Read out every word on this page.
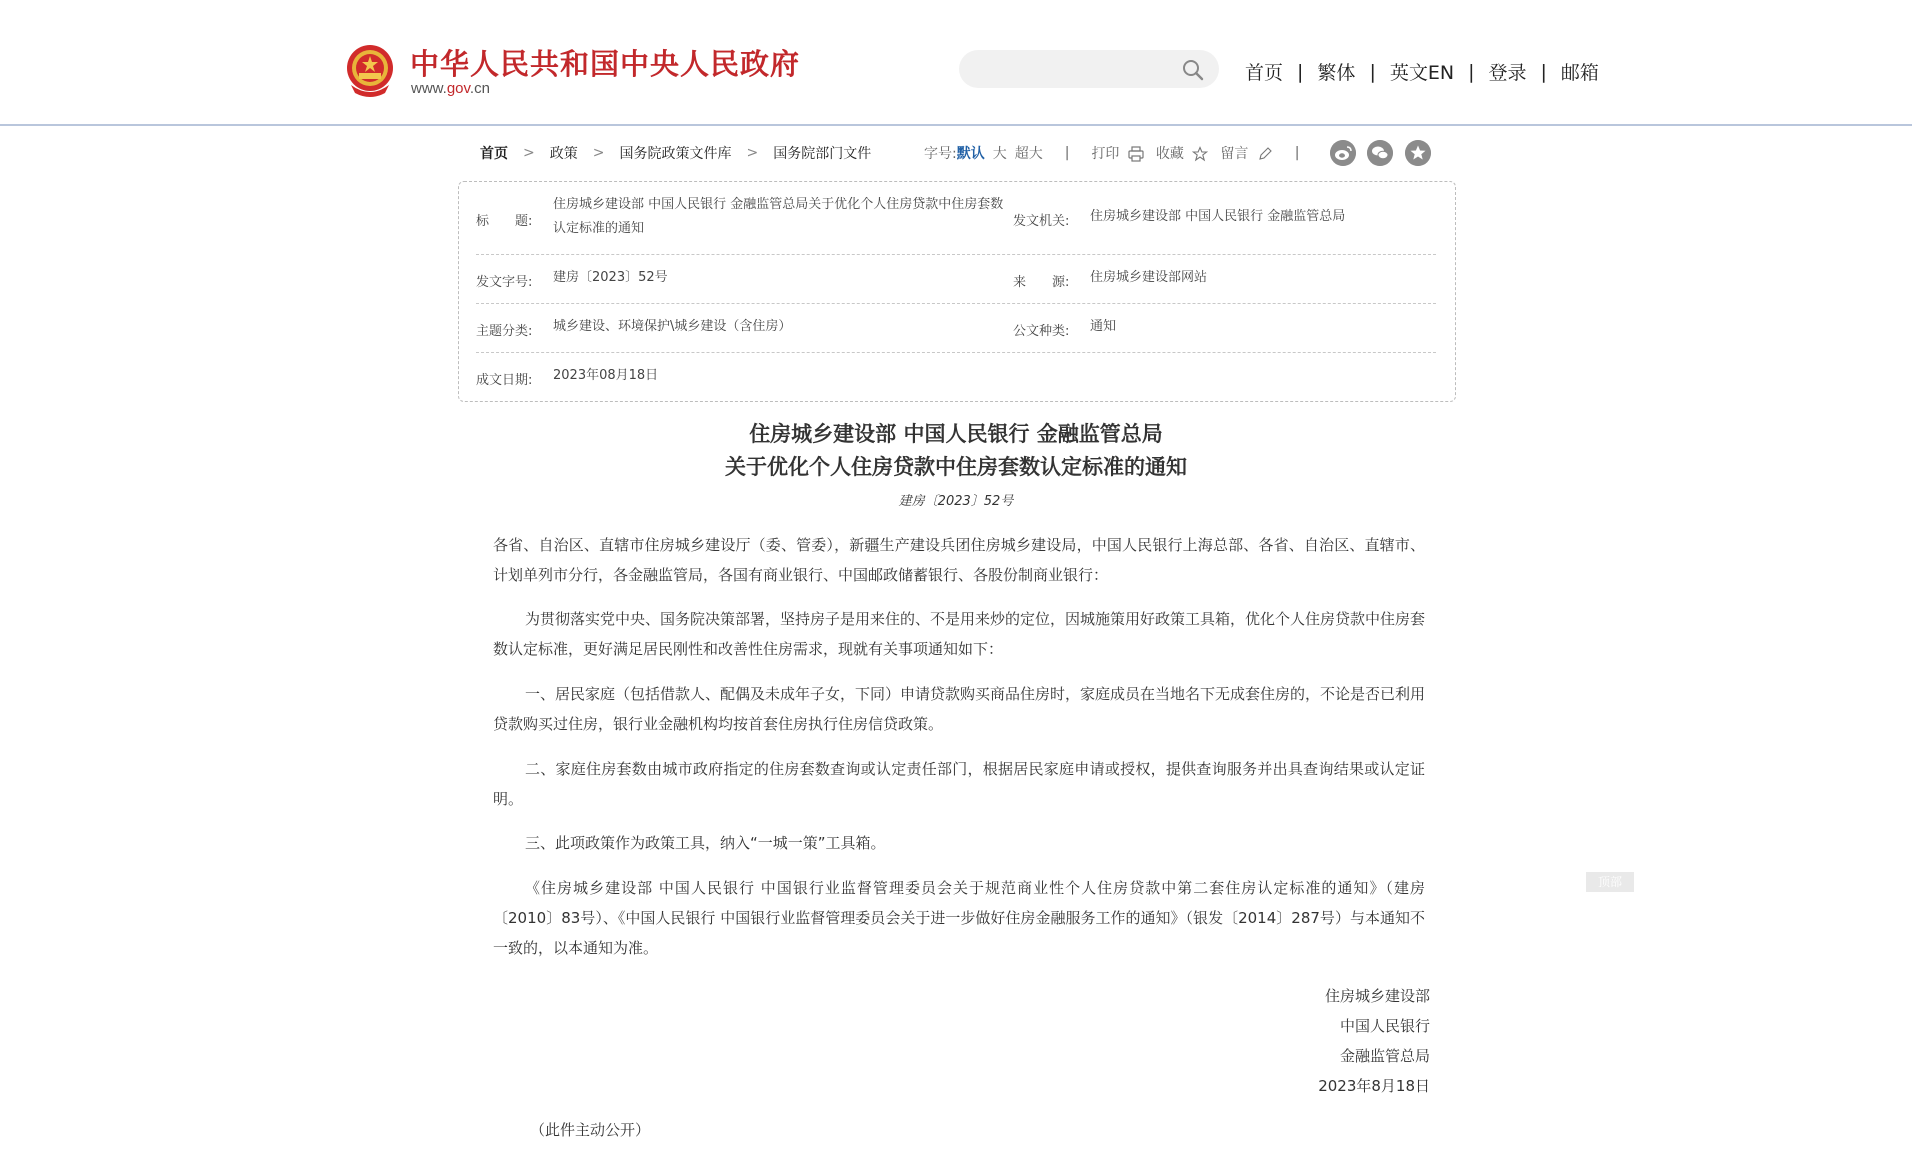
中华人民共和国中央人民政府
www.gov.cn
首页 | 繁体 | 英文EN | 登录 | 邮箱
首页 > 政策 > 国务院政策文件库 > 国务院部门文件	字号: 默认 大 超大 | 打印	收藏	留言	|
标　　题:
住房城乡建设部 中国人民银行 金融监管总局关于优化个人住房贷款中住房套数认定标准的通知	发文机关: 住房城乡建设部 中国人民银行 金融监管总局
发文字号: 建房〔2023〕52号	来　　源: 住房城乡建设部网站
主题分类: 城乡建设、环境保护\城乡建设（含住房）	公文种类: 通知
成文日期: 2023年08月18日
住房城乡建设部 中国人民银行 金融监管总局
关于优化个人住房贷款中住房套数认定标准的通知
建房〔2023〕52号
各省、自治区、直辖市住房城乡建设厅（委、管委），新疆生产建设兵团住房城乡建设局，中国人民银行上海总部、各省、自治区、直辖市、计划单列市分行，各金融监管局，各国有商业银行、中国邮政储蓄银行、各股份制商业银行：
为贯彻落实党中央、国务院决策部署，坚持房子是用来住的、不是用来炒的定位，因城施策用好政策工具箱，优化个人住房贷款中住房套数认定标准，更好满足居民刚性和改善性住房需求，现就有关事项通知如下：
一、居民家庭（包括借款人、配偶及未成年子女，下同）申请贷款购买商品住房时，家庭成员在当地名下无成套住房的，不论是否已利用贷款购买过住房，银行业金融机构均按首套住房执行住房信贷政策。
二、家庭住房套数由城市政府指定的住房套数查询或认定责任部门，根据居民家庭申请或授权，提供查询服务并出具查询结果或认定证明。
三、此项政策作为政策工具，纳入“一城一策”工具箱。
《住房城乡建设部 中国人民银行 中国银行业监督管理委员会关于规范商业性个人住房贷款中第二套住房认定标准的通知》（建房〔2010〕83号）、《中国人民银行 中国银行业监督管理委员会关于进一步做好住房金融服务工作的通知》（银发〔2014〕287号）与本通知不一致的，以本通知为准。
住房城乡建设部
中国人民银行
金融监管总局
2023年8月18日
（此件主动公开）
顶部
